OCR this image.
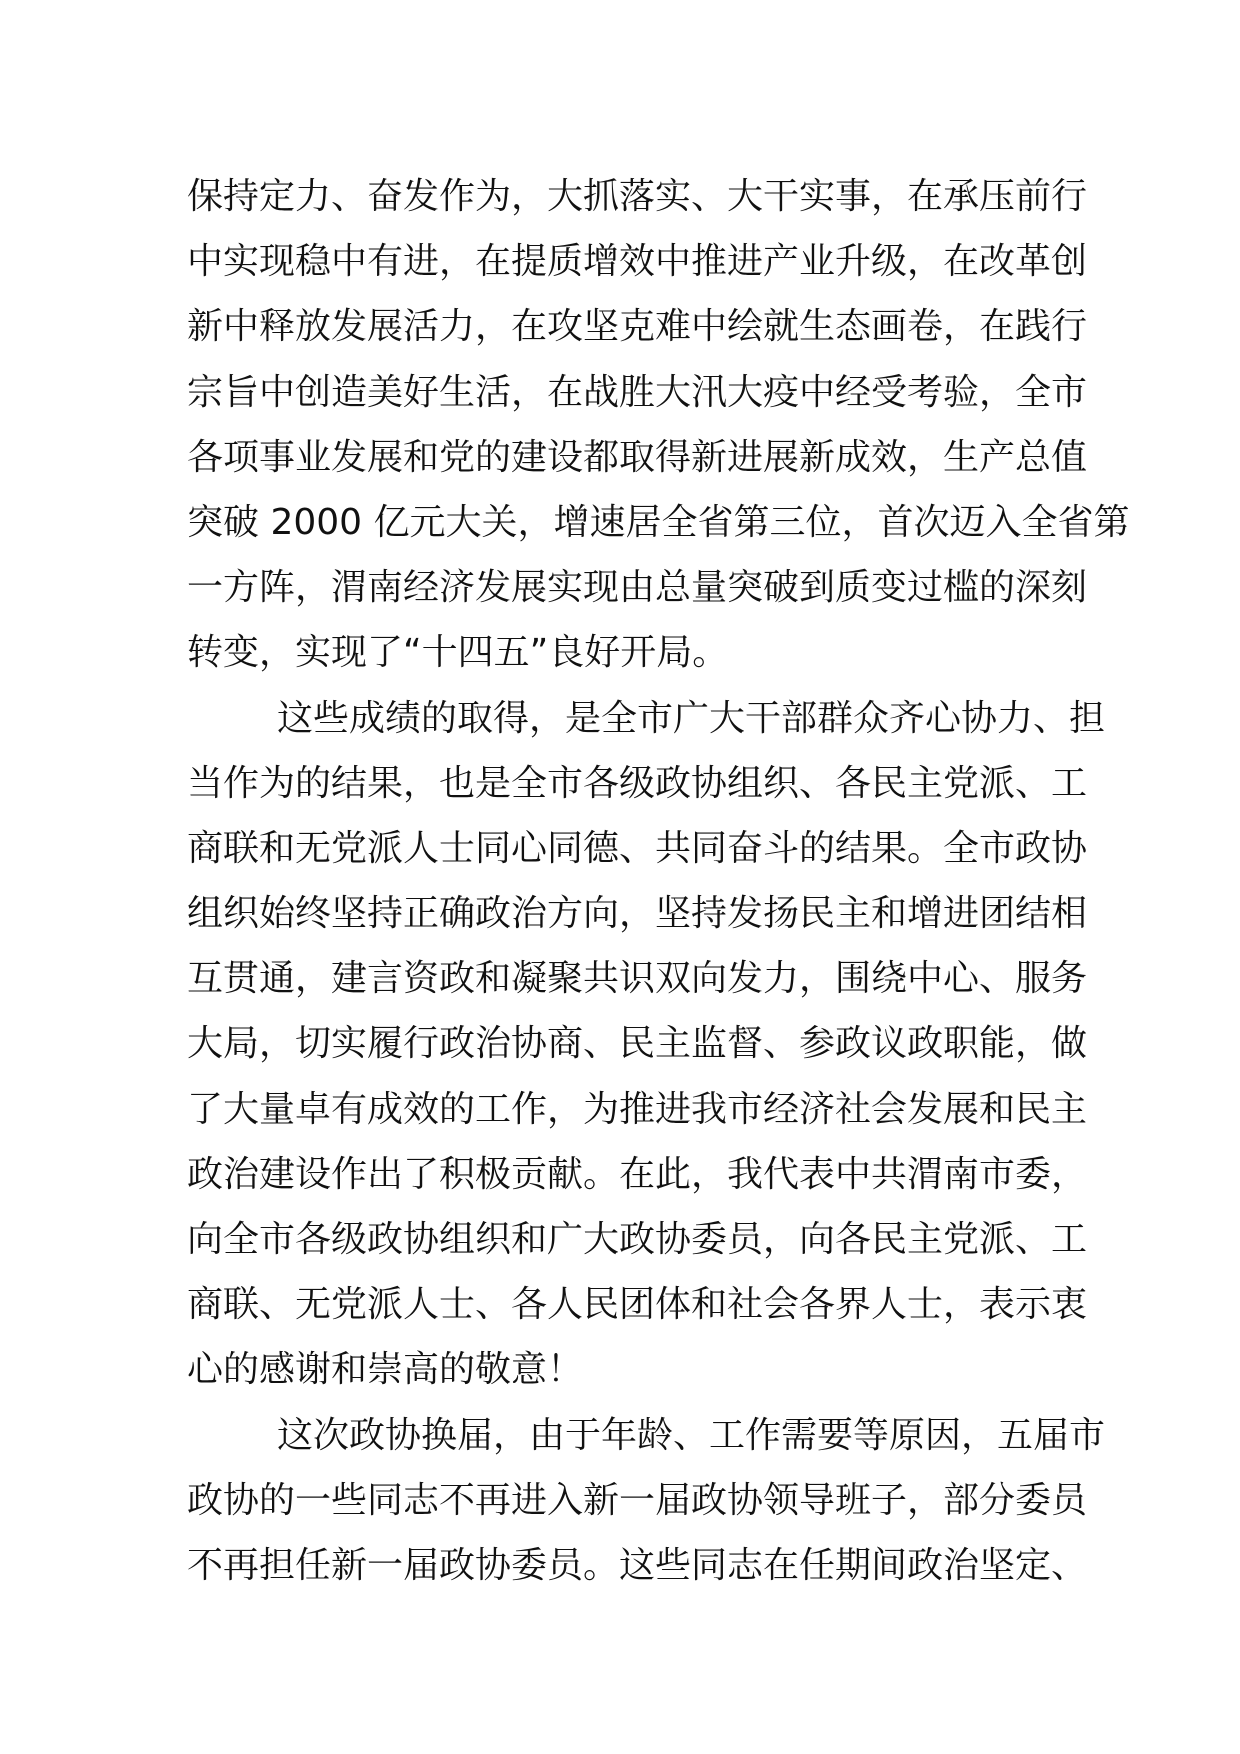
保持定力、奋发作为，大抓落实、大干实事，在承压前行
中实现稳中有进，在提质增效中推进产业升级，在改革创
新中释放发展活力，在攻坚克难中绘就生态画卷，在践行
宗旨中创造美好生活，在战胜大汛大疫中经受考验，全市
各项事业发展和党的建设都取得新进展新成效，生产总值
突破 2000 亿元大关，增速居全省第三位，首次迈入全省第
一方阵，渭南经济发展实现由总量突破到质变过槛的深刻
转变，实现了“十四五”良好开局。
这些成绩的取得，是全市广大干部群众齐心协力、担
当作为的结果，也是全市各级政协组织、各民主党派、工
商联和无党派人士同心同德、共同奋斗的结果。全市政协
组织始终坚持正确政治方向，坚持发扬民主和增进团结相
互贯通，建言资政和凝聚共识双向发力，围绕中心、服务
大局，切实履行政治协商、民主监督、参政议政职能，做
了大量卓有成效的工作，为推进我市经济社会发展和民主
政治建设作出了积极贡献。在此，我代表中共渭南市委，
向全市各级政协组织和广大政协委员，向各民主党派、工
商联、无党派人士、各人民团体和社会各界人士，表示衷
心的感谢和崇高的敬意！
这次政协换届，由于年龄、工作需要等原因，五届市
政协的一些同志不再进入新一届政协领导班子，部分委员
不再担任新一届政协委员。这些同志在任期间政治坚定、
